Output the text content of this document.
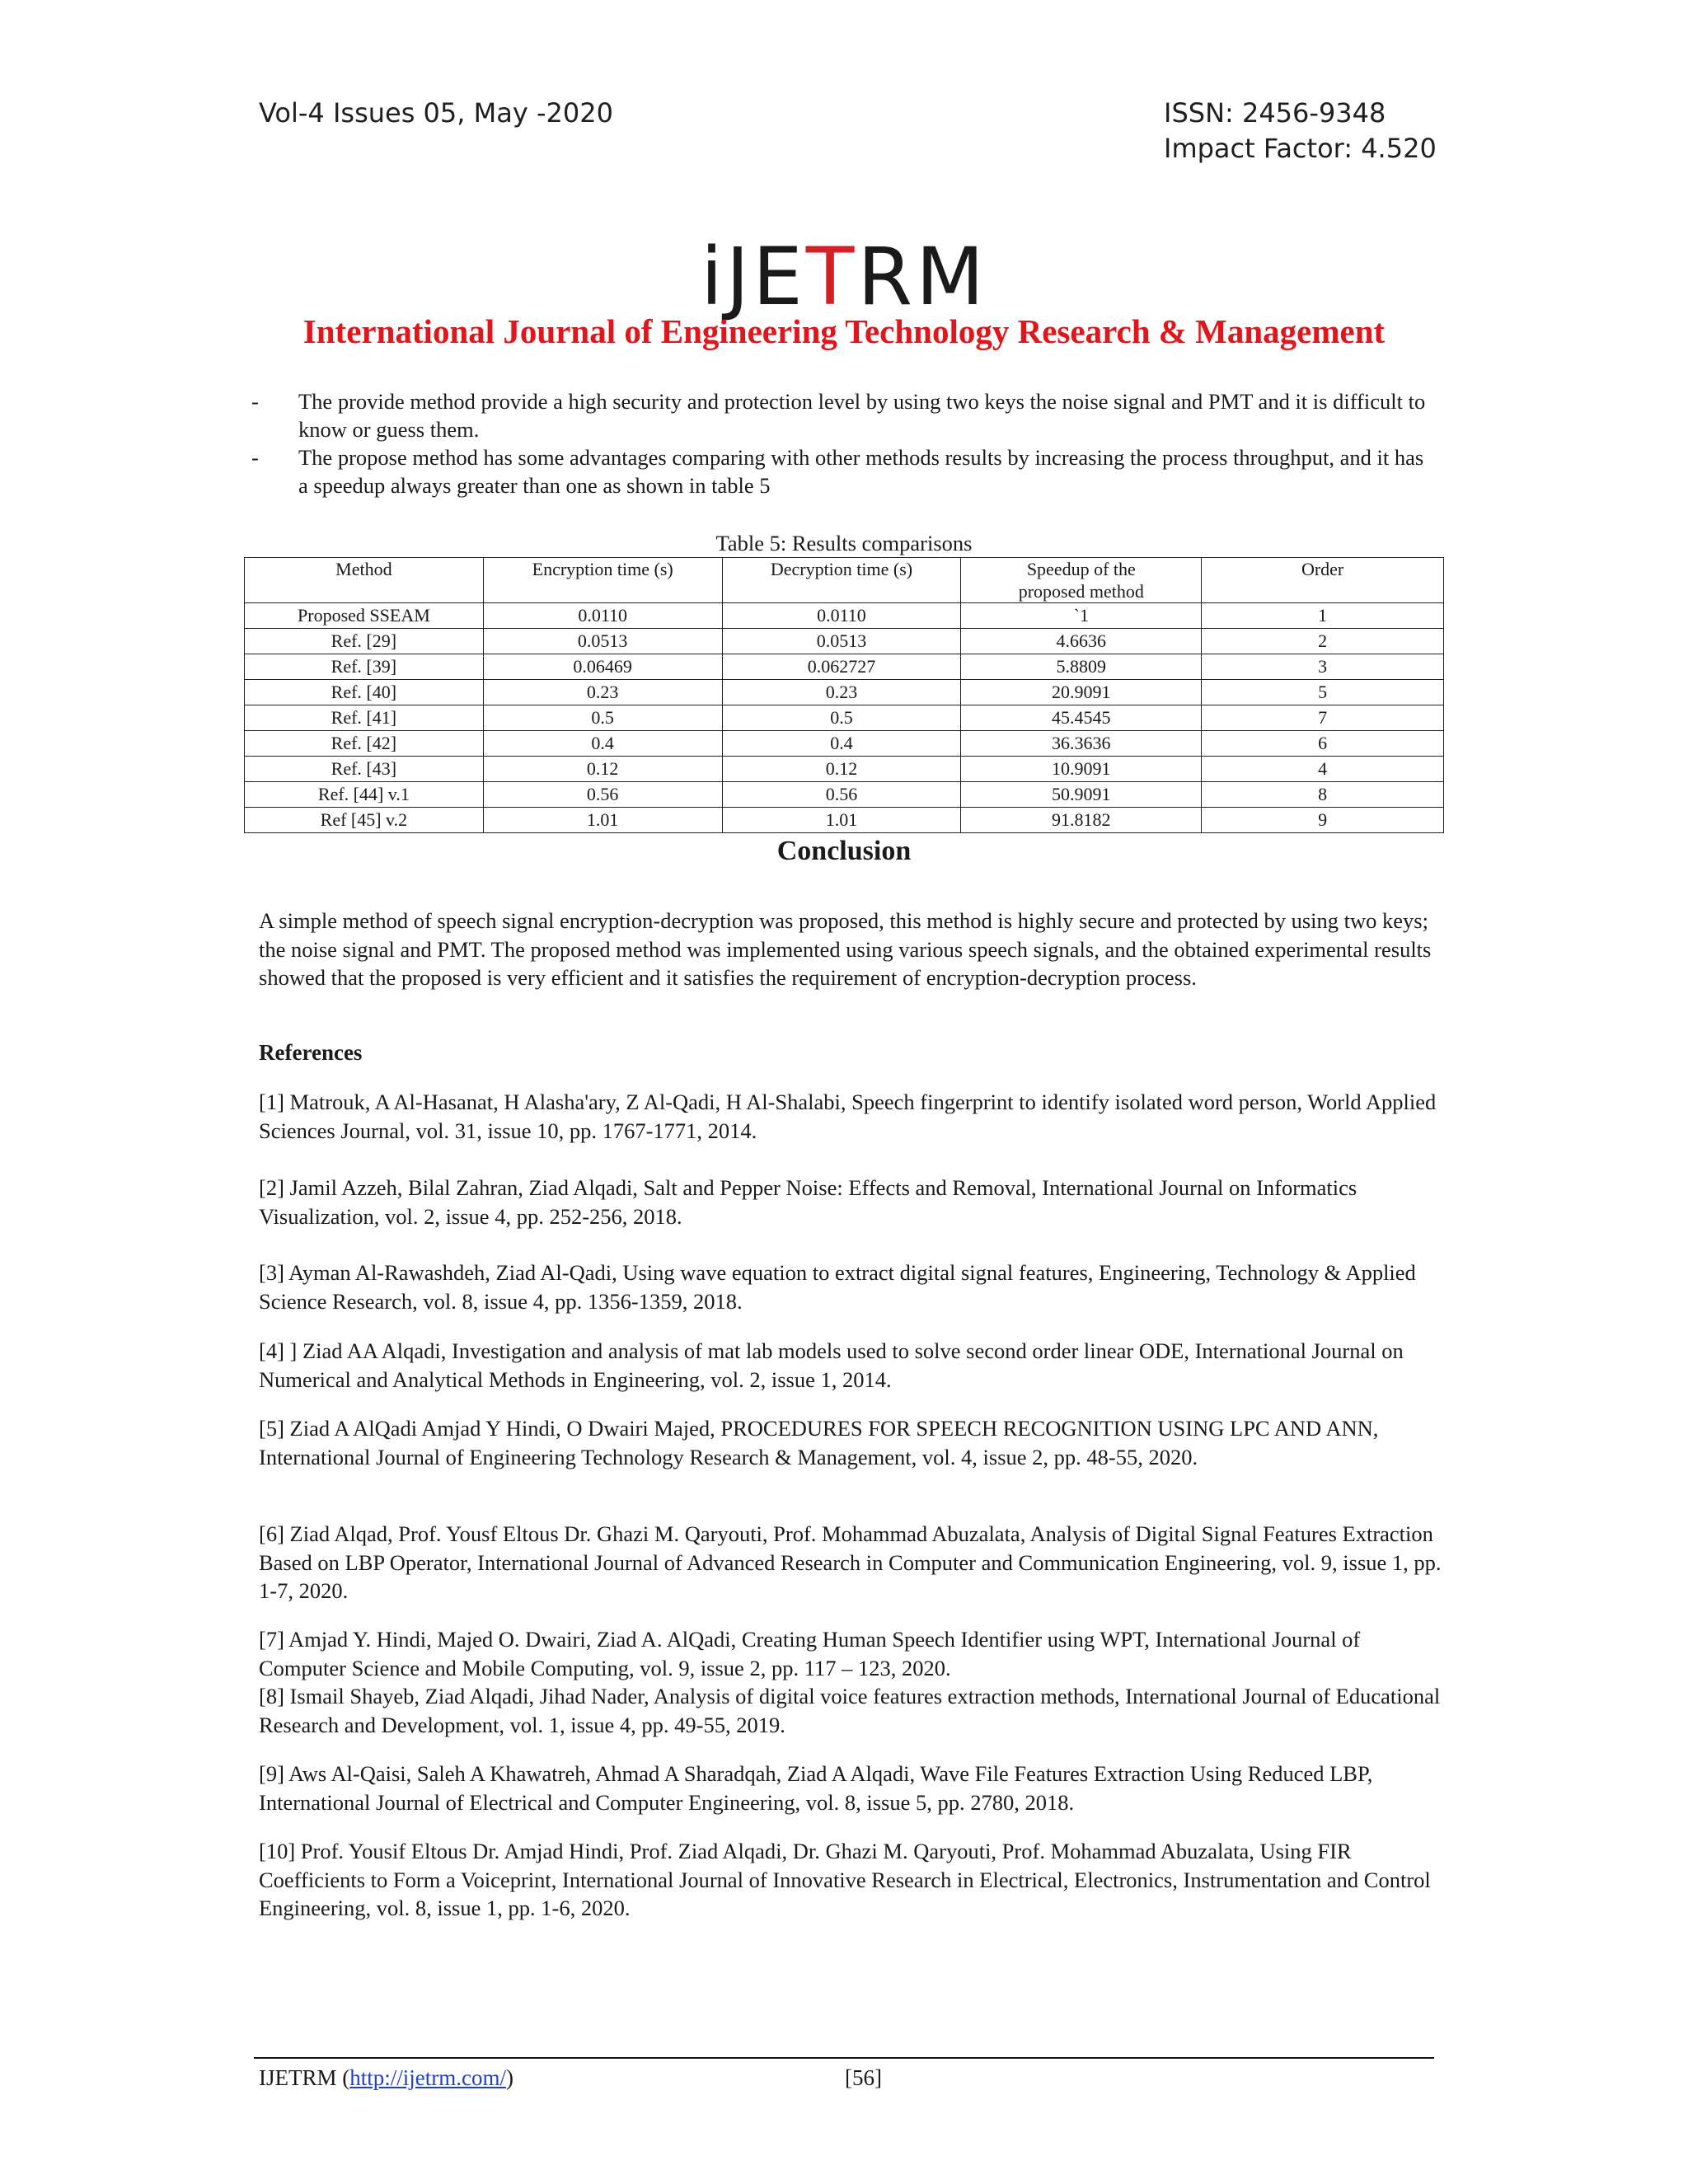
Vol-4 Issues 05, May -2020	ISSN: 2456-9348
Impact Factor: 4.520
iJETRM
International Journal of Engineering Technology Research & Management
- The provide method provide a high security and protection level by using two keys the noise signal and PMT and it is difficult to know or guess them.
- The propose method has some advantages comparing with other methods results by increasing the process throughput, and it has a speedup always greater than one as shown in table 5
Table 5: Results comparisons
Method	Encryption time (s)	Decryption time (s)	Speedup of the proposed method	Order
Proposed SSEAM	0.0110	0.0110	`1	1
Ref. [29]	0.0513	0.0513	4.6636	2
Ref. [39]	0.06469	0.062727	5.8809	3
Ref. [40]	0.23	0.23	20.9091	5
Ref. [41]	0.5	0.5	45.4545	7
Ref. [42]	0.4	0.4	36.3636	6
Ref. [43]	0.12	0.12	10.9091	4
Ref. [44] v.1	0.56	0.56	50.9091	8
Ref [45] v.2	1.01	1.01	91.8182	9
Conclusion
A simple method of speech signal encryption-decryption was proposed, this method is highly secure and protected by using two keys; the noise signal and PMT. The proposed method was implemented using various speech signals, and the obtained experimental results showed that the proposed is very efficient and it satisfies the requirement of encryption-decryption process.
References

[1] Matrouk, A Al-Hasanat, H Alasha'ary, Z Al-Qadi, H Al-Shalabi, Speech fingerprint to identify isolated word person, World Applied Sciences Journal, vol. 31, issue 10, pp. 1767-1771, 2014.

[2] Jamil Azzeh, Bilal Zahran, Ziad Alqadi, Salt and Pepper Noise: Effects and Removal, International Journal on Informatics Visualization, vol. 2, issue 4, pp. 252-256, 2018.

[3] Ayman Al-Rawashdeh, Ziad Al-Qadi, Using wave equation to extract digital signal features, Engineering, Technology & Applied Science Research, vol. 8, issue 4, pp. 1356-1359, 2018.

[4] ] Ziad AA Alqadi, Investigation and analysis of mat lab models used to solve second order linear ODE, International Journal on Numerical and Analytical Methods in Engineering, vol. 2, issue 1, 2014.

[5] Ziad A AlQadi Amjad Y Hindi, O Dwairi Majed, PROCEDURES FOR SPEECH RECOGNITION USING LPC AND ANN, International Journal of Engineering Technology Research & Management, vol. 4, issue 2, pp. 48-55, 2020.

[6] Ziad Alqad, Prof. Yousf Eltous Dr. Ghazi M. Qaryouti, Prof. Mohammad Abuzalata, Analysis of Digital Signal Features Extraction Based on LBP Operator, International Journal of Advanced Research in Computer and Communication Engineering, vol. 9, issue 1, pp. 1-7, 2020.

[7] Amjad Y. Hindi, Majed O. Dwairi, Ziad A. AlQadi, Creating Human Speech Identifier using WPT, International Journal of Computer Science and Mobile Computing, vol. 9, issue 2, pp. 117 – 123, 2020.

[8] Ismail Shayeb, Ziad Alqadi, Jihad Nader, Analysis of digital voice features extraction methods, International Journal of Educational Research and Development, vol. 1, issue 4, pp. 49-55, 2019.

[9] Aws Al-Qaisi, Saleh A Khawatreh, Ahmad A Sharadqah, Ziad A Alqadi, Wave File Features Extraction Using Reduced LBP, International Journal of Electrical and Computer Engineering, vol. 8, issue 5, pp. 2780, 2018.

[10] Prof. Yousif Eltous Dr. Amjad Hindi, Prof. Ziad Alqadi, Dr. Ghazi M. Qaryouti, Prof. Mohammad Abuzalata, Using FIR Coefficients to Form a Voiceprint, International Journal of Innovative Research in Electrical, Electronics, Instrumentation and Control Engineering, vol. 8, issue 1, pp. 1-6, 2020.

IJETRM (http://ijetrm.com/)	[56]
